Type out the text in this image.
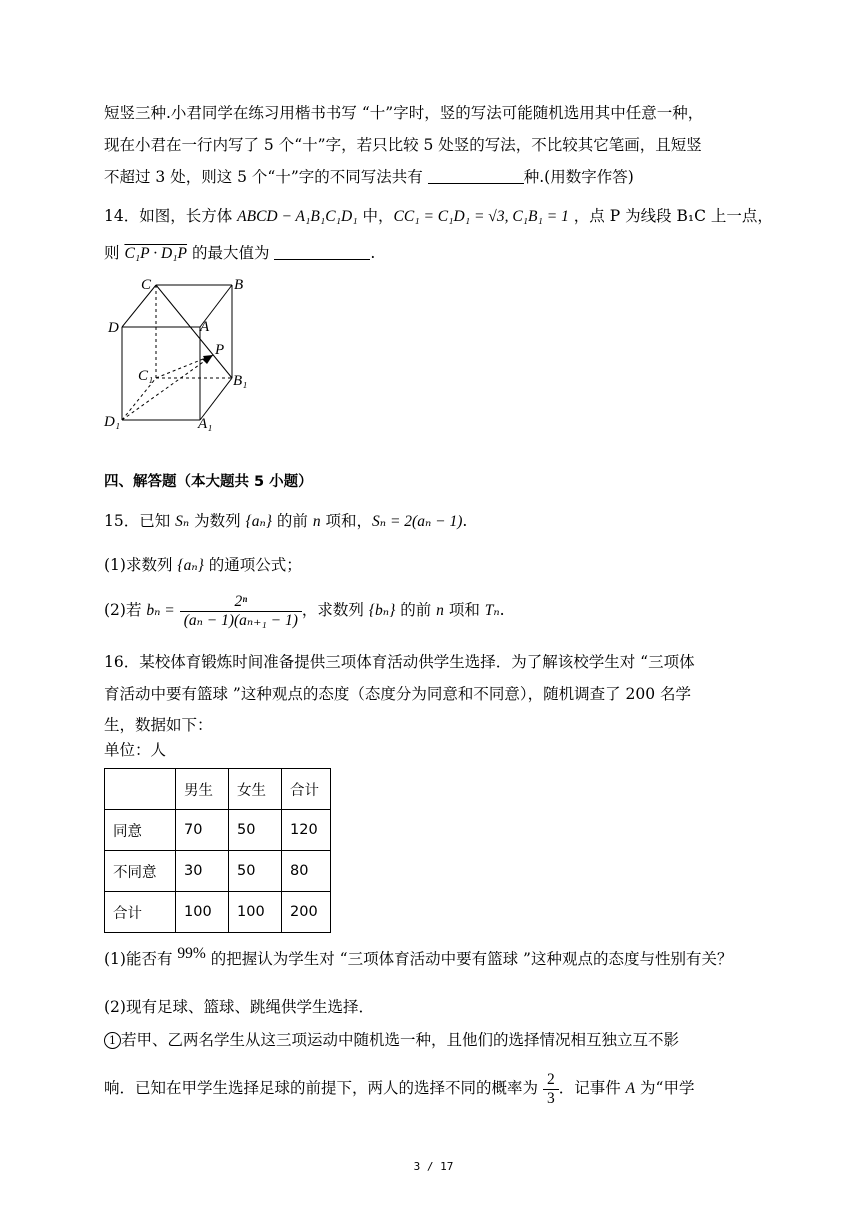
短竖三种.小君同学在练习用楷书书写 “十”字时，竖的写法可能随机选用其中任意一种，
现在小君在一行内写了 5 个“十”字，若只比较 5 处竖的写法，不比较其它笔画，且短竖
不超过 3 处，则这 5 个“十”字的不同写法共有	种.(用数字作答)
14．如图，长方体 ABCD − A₁B₁C₁D₁ 中，CC₁ = C₁D₁ = √3, C₁B₁ = 1 ，点 P 为线段 B₁C 上一点，
则 C₁P · D₁P 的最大值为	.
C	B
D	A
P
C₁	B₁
D₁	A₁
四、解答题（本大题共 5 小题）
15．已知 Sₙ 为数列 {aₙ} 的前 n 项和，Sₙ = 2(aₙ − 1).
(1)求数列 {aₙ} 的通项公式；
(2)若 $b_n = \frac{\text{2ⁿ}}{\text{(aₙ − 1)(aₙ₊₁ − 1)}}$ ，求数列 {bₙ} 的前 n 项和 Tₙ.
16．某校体育锻炼时间准备提供三项体育活动供学生选择．为了解该校学生对 “三项体
育活动中要有篮球 ”这种观点的态度（态度分为同意和不同意），随机调查了 200 名学
生，数据如下：
单位：人
	男生	女生	合计
同意	70	50	120
不同意	30	50	80
合计	100	100	200
(1)能否有 99% 的把握认为学生对 “三项体育活动中要有篮球 ”这种观点的态度与性别有关？
(2)现有足球、篮球、跳绳供学生选择．
1 若甲、乙两名学生从这三项运动中随机选一种，且他们的选择情况相互独立互不影
响．已知在甲学生选择足球的前提下，两人的选择不同的概率为 $\frac{2}{3}$ ．记事件 A 为“甲学
3 / 17
